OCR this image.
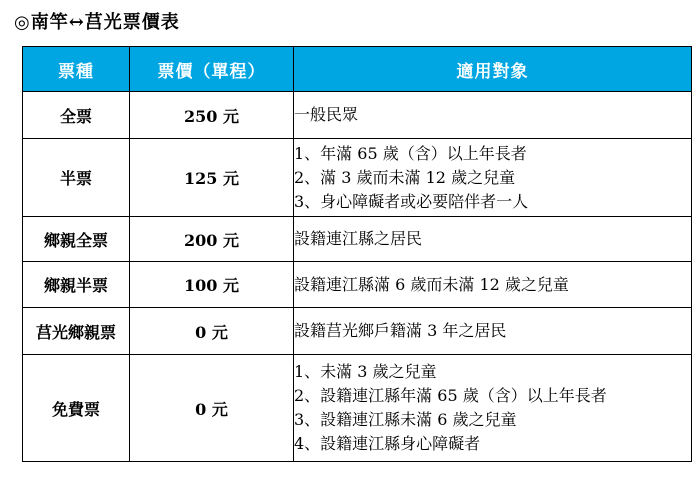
◎南竿↔莒光票價表
票種	票價（單程）	適用對象
全票	250 元	一般民眾

半票	125 元	1、年滿 65 歲（含）以上年長者
2、滿 3 歲而未滿 12 歲之兒童
3、身心障礙者或必要陪伴者一人

鄉親全票	200 元	設籍連江縣之居民

鄉親半票	100 元	設籍連江縣滿 6 歲而未滿 12 歲之兒童

莒光鄉親票	0 元	設籍莒光鄉戶籍滿 3 年之居民

免費票	0 元	1、未滿 3 歲之兒童
2、設籍連江縣年滿 65 歲（含）以上年長者
3、設籍連江縣未滿 6 歲之兒童
4、設籍連江縣身心障礙者
